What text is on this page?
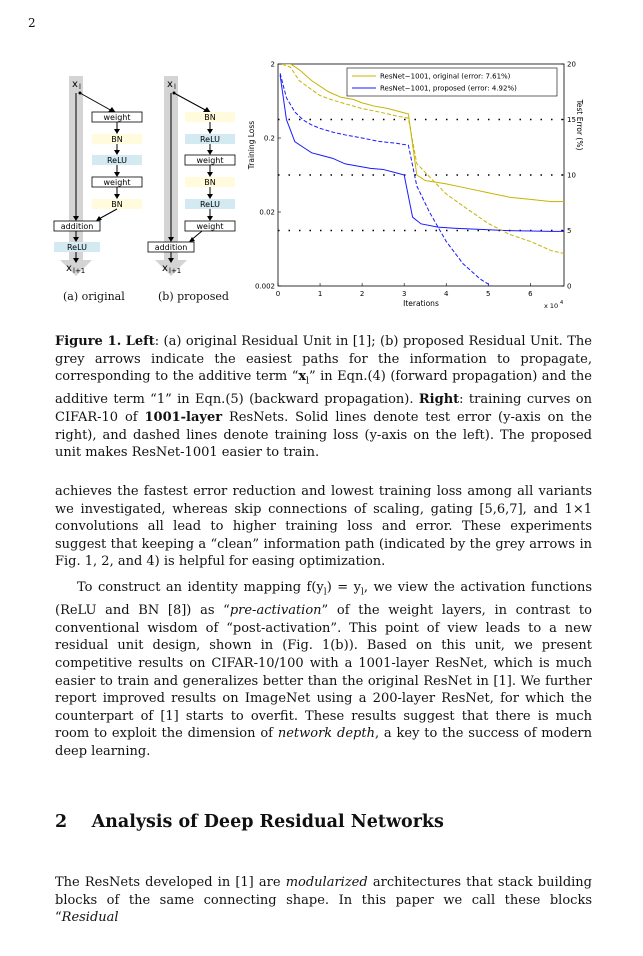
2
x l
weight
BN
ReLU
weight
BN
addition
ReLU
x l+1
x l
BN
ReLU
weight
BN
ReLU
weight
addition
x l+1
(a) original	(b) proposed	0	1	2	3	4	5	6
0.002
0.02
0.2
2
0
5
10
15
20
Iterations	x 10 4
Training Loss	Test Error (%)
ResNet−1001, original (error: 7.61%)
ResNet−1001, proposed (error: 4.92%)
Figure 1. Left: (a) original Residual Unit in [1]; (b) proposed Residual Unit. The grey arrows indicate the easiest paths for the information to propagate, corresponding to the additive term “$x_l$” in Eqn.(4) (forward propagation) and the additive term “1” in Eqn.(5) (backward propagation). Right: training curves on CIFAR-10 of 1001-layer ResNets. Solid lines denote test error (y-axis on the right), and dashed lines denote training loss (y-axis on the left). The proposed unit makes ResNet-1001 easier to train.
achieves the fastest error reduction and lowest training loss among all variants we investigated, whereas skip connections of scaling, gating [5,6,7], and 1×1 convolutions all lead to higher training loss and error. These experiments suggest that keeping a “clean” information path (indicated by the grey arrows in Fig. 1, 2, and 4) is helpful for easing optimization.
To construct an identity mapping $f(y_l) = y_l$, we view the activation functions (ReLU and BN [8]) as “pre-activation” of the weight layers, in contrast to conventional wisdom of “post-activation”. This point of view leads to a new residual unit design, shown in (Fig. 1(b)). Based on this unit, we present competitive results on CIFAR-10/100 with a 1001-layer ResNet, which is much easier to train and generalizes better than the original ResNet in [1]. We further report improved results on ImageNet using a 200-layer ResNet, for which the counterpart of [1] starts to overfit. These results suggest that there is much room to exploit the dimension of network depth, a key to the success of modern deep learning.
2 Analysis of Deep Residual Networks
The ResNets developed in [1] are modularized architectures that stack building blocks of the same connecting shape. In this paper we call these blocks “Residual
